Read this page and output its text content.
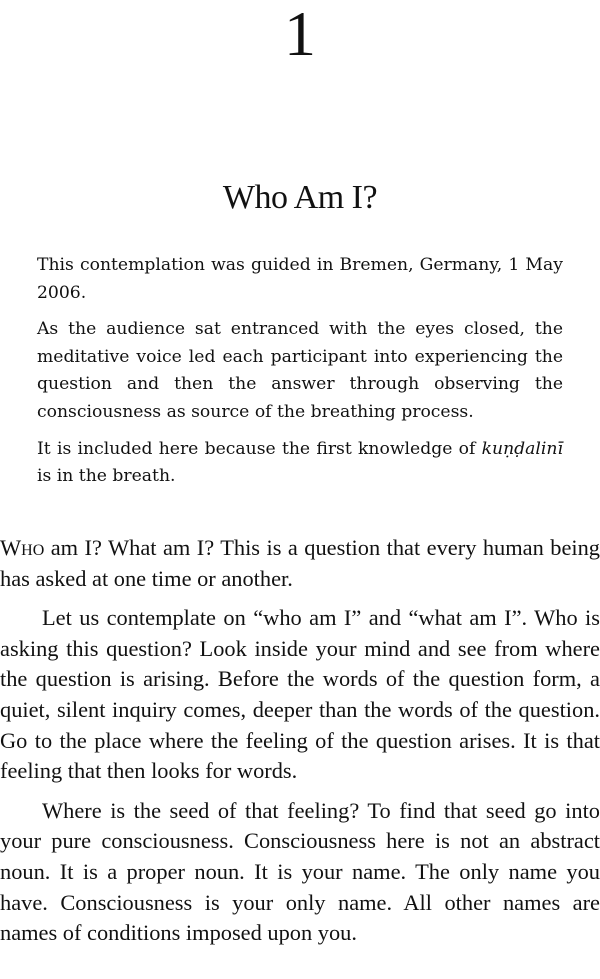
1
Who Am I?

This contemplation was guided in Bremen, Germany, 1 May 2006.

As the audience sat entranced with the eyes closed, the meditative voice led each participant into experiencing the question and then the answer through observing the consciousness as source of the breathing process.

It is included here because the first knowledge of kuṇḍalinī is in the breath.

Who am I? What am I? This is a question that every human being has asked at one time or another.

Let us contemplate on “who am I” and “what am I”. Who is asking this question? Look inside your mind and see from where the question is arising. Before the words of the question form, a quiet, silent inquiry comes, deeper than the words of the question. Go to the place where the feeling of the question arises. It is that feeling that then looks for words.

Where is the seed of that feeling? To find that seed go into your pure consciousness. Consciousness here is not an abstract noun. It is a proper noun. It is your name. The only name you have. Consciousness is your only name. All other names are names of conditions imposed upon you.
